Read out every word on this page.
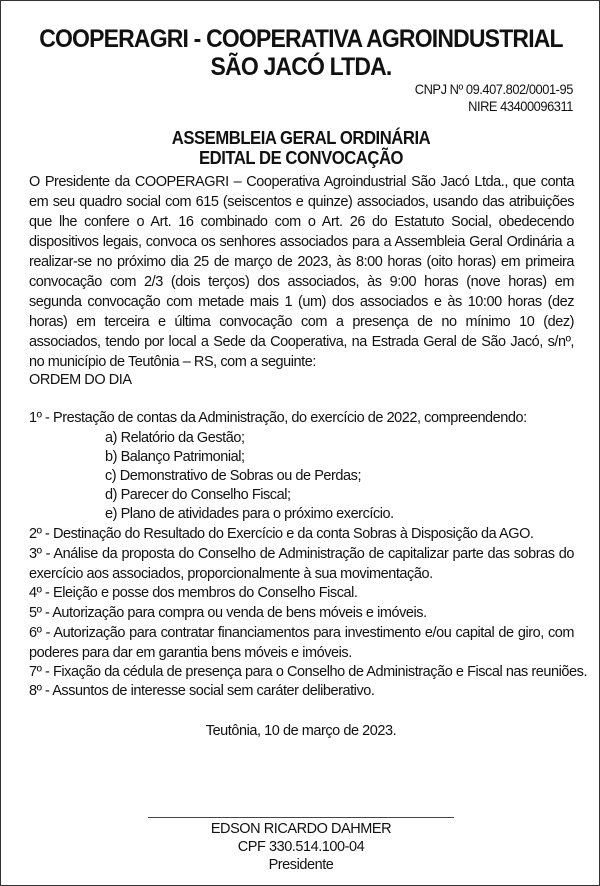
COOPERAGRI - COOPERATIVA AGROINDUSTRIAL
SÃO JACÓ LTDA.
CNPJ Nº 09.407.802/0001-95
NIRE 43400096311
ASSEMBLEIA GERAL ORDINÁRIA
EDITAL DE CONVOCAÇÃO
O Presidente da COOPERAGRI – Cooperativa Agroindustrial São Jacó Ltda., que conta em seu quadro social com 615 (seiscentos e quinze) associados, usando das atribuições que lhe confere o Art. 16 combinado com o Art. 26 do Estatuto Social, obedecendo dispositivos legais, convoca os senhores associados para a Assembleia Geral Ordinária a realizar-se no próximo dia 25 de março de 2023, às 8:00 horas (oito horas) em primeira convocação com 2/3 (dois terços) dos associados, às 9:00 horas (nove horas) em segunda convocação com metade mais 1 (um) dos associados e às 10:00 horas (dez horas) em terceira e última convocação com a presença de no mínimo 10 (dez) associados, tendo por local a Sede da Cooperativa, na Estrada Geral de São Jacó, s/nº, no município de Teutônia – RS, com a seguinte:
ORDEM DO DIA
1º - Prestação de contas da Administração, do exercício de 2022, compreendendo:
a) Relatório da Gestão;
b) Balanço Patrimonial;
c) Demonstrativo de Sobras ou de Perdas;
d) Parecer do Conselho Fiscal;
e) Plano de atividades para o próximo exercício.
2º - Destinação do Resultado do Exercício e da conta Sobras à Disposição da AGO.
3º - Análise da proposta do Conselho de Administração de capitalizar parte das sobras do exercício aos associados, proporcionalmente à sua movimentação.
4º - Eleição e posse dos membros do Conselho Fiscal.
5º - Autorização para compra ou venda de bens móveis e imóveis.
6º - Autorização para contratar financiamentos para investimento e/ou capital de giro, com poderes para dar em garantia bens móveis e imóveis.
7º - Fixação da cédula de presença para o Conselho de Administração e Fiscal nas reuniões.
8º - Assuntos de interesse social sem caráter deliberativo.
Teutônia, 10 de março de 2023.
EDSON RICARDO DAHMER
CPF 330.514.100-04
Presidente
